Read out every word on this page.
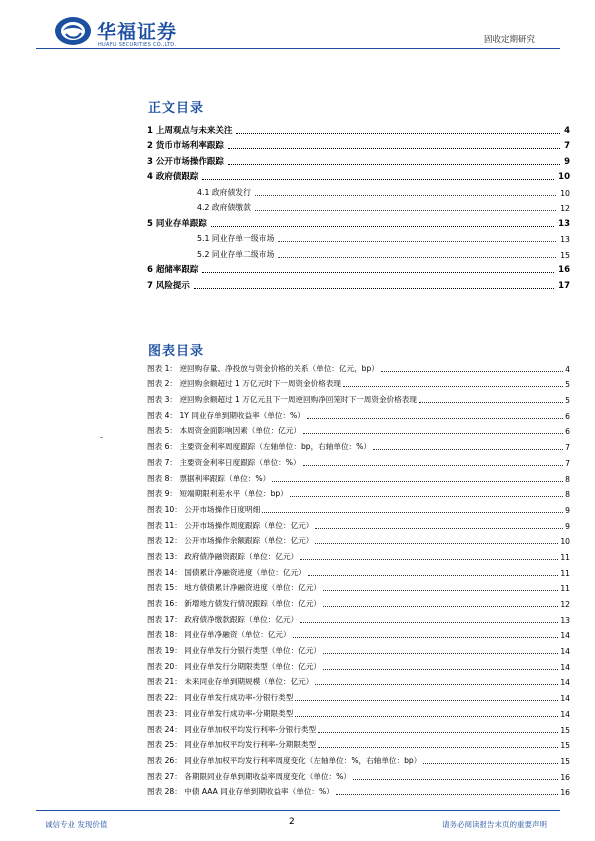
华福证券
HUAFU SECURITIES CO.,LTD.	固收定期研究
正文目录
1 上周观点与未来关注	4
2 货币市场利率跟踪	7
3 公开市场操作跟踪	9
4 政府债跟踪	10
4.1 政府债发行	10
4.2 政府债缴款	12
5 同业存单跟踪	13
5.1 同业存单一级市场	13
5.2 同业存单二级市场	15
6 超储率跟踪	16
7 风险提示	17
图表目录
图表 1： 逆回购存量、净投放与资金价格的关系（单位：亿元，bp）	4
图表 2： 逆回购余额超过 1 万亿元时下一周资金价格表现	5
图表 3： 逆回购余额超过 1 万亿元且下一周逆回购净回笼时下一周资金价格表现	5
图表 4： 1Y 同业存单到期收益率（单位：%）	6
图表 5： 本周资金面影响因素（单位：亿元）	6
图表 6： 主要资金利率周度跟踪（左轴单位：bp，右轴单位：%）	7
图表 7： 主要资金利率日度跟踪（单位：%）	7
图表 8： 票据利率跟踪（单位：%）	8
图表 9： 短端期限利差水平（单位：bp）	8
图表 10： 公开市场操作日度明细	9
图表 11： 公开市场操作周度跟踪（单位：亿元）	9
图表 12： 公开市场操作余额跟踪（单位：亿元）	10
图表 13： 政府债净融资跟踪（单位：亿元）	11
图表 14： 国债累计净融资进度（单位：亿元）	11
图表 15： 地方债债累计净融资进度（单位：亿元）	11
图表 16： 新增地方债发行情况跟踪（单位：亿元）	12
图表 17： 政府债净缴款跟踪（单位：亿元）	13
图表 18： 同业存单净融资（单位：亿元）	14
图表 19： 同业存单发行分银行类型（单位：亿元）	14
图表 20： 同业存单发行分期限类型（单位：亿元）	14
图表 21： 未来同业存单到期规模（单位：亿元）	14
图表 22： 同业存单发行成功率-分银行类型	14
图表 23： 同业存单发行成功率-分期限类型	14
图表 24： 同业存单加权平均发行利率-分银行类型	15
图表 25： 同业存单加权平均发行利率-分期限类型	15
图表 26： 同业存单加权平均发行利率周度变化（左轴单位：%，右轴单位：bp）	15
图表 27： 各期限同业存单到期收益率周度变化（单位：%）	16
图表 28： 中债 AAA 同业存单到期收益率（单位：%）	16
诚信专业 发现价值	2	请务必阅读报告末页的重要声明
